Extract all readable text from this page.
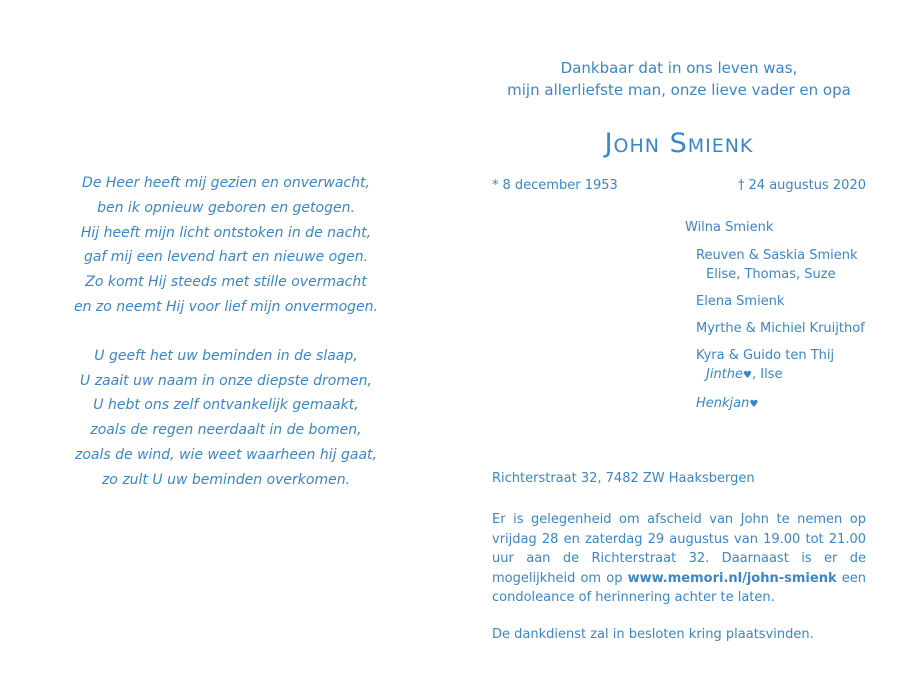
De Heer heeft mij gezien en onverwacht,
ben ik opnieuw geboren en getogen.
Hij heeft mijn licht ontstoken in de nacht,
gaf mij een levend hart en nieuwe ogen.
Zo komt Hij steeds met stille overmacht
en zo neemt Hij voor lief mijn onvermogen.

U geeft het uw beminden in de slaap,
U zaait uw naam in onze diepste dromen,
U hebt ons zelf ontvankelijk gemaakt,
zoals de regen neerdaalt in de bomen,
zoals de wind, wie weet waarheen hij gaat,
zo zult U uw beminden overkomen.

Dankbaar dat in ons leven was,
mijn allerliefste man, onze lieve vader en opa
John Smienk
* 8 december 1953	† 24 augustus 2020
Wilna Smienk
Reuven & Saskia Smienk
Elise, Thomas, Suze
Elena Smienk
Myrthe & Michiel Kruijthof
Kyra & Guido ten Thij
Jinthe♥, Ilse
Henkjan♥
Richterstraat 32, 7482 ZW Haaksbergen
Er is gelegenheid om afscheid van John te nemen op vrijdag 28 en zaterdag 29 augustus van 19.00 tot 21.00 uur aan de Richterstraat 32. Daarnaast is er de mogelijkheid om op www.memori.nl/john-smienk een condoleance of herinnering achter te laten.
De dankdienst zal in besloten kring plaatsvinden.
